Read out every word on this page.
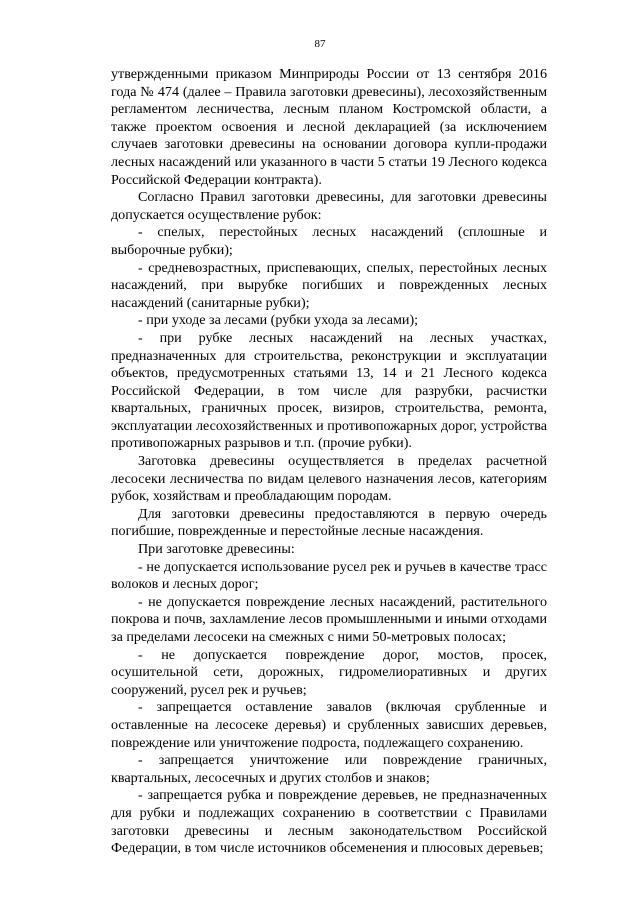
87

утвержденными приказом Минприроды России от 13 сентября 2016 года № 474 (далее – Правила заготовки древесины), лесохозяйственным регламентом лесничества, лесным планом Костромской области, а также проектом освоения и лесной декларацией (за исключением случаев заготовки древесины на основании договора купли-продажи лесных насаждений или указанного в части 5 статьи 19 Лесного кодекса Российской Федерации контракта).

Согласно Правил заготовки древесины, для заготовки древесины допускается осуществление рубок:

- спелых, перестойных лесных насаждений (сплошные и выборочные рубки);

- средневозрастных, приспевающих, спелых, перестойных лесных насаждений, при вырубке погибших и поврежденных лесных насаждений (санитарные рубки);

- при уходе за лесами (рубки ухода за лесами);

- при рубке лесных насаждений на лесных участках, предназначенных для строительства, реконструкции и эксплуатации объектов, предусмотренных статьями 13, 14 и 21 Лесного кодекса Российской Федерации, в том числе для разрубки, расчистки квартальных, граничных просек, визиров, строительства, ремонта, эксплуатации лесохозяйственных и противопожарных дорог, устройства противопожарных разрывов и т.п. (прочие рубки).

Заготовка древесины осуществляется в пределах расчетной лесосеки лесничества по видам целевого назначения лесов, категориям рубок, хозяйствам и преобладающим породам.

Для заготовки древесины предоставляются в первую очередь погибшие, поврежденные и перестойные лесные насаждения.

При заготовке древесины:

- не допускается использование русел рек и ручьев в качестве трасс волоков и лесных дорог;

- не допускается повреждение лесных насаждений, растительного покрова и почв, захламление лесов промышленными и иными отходами за пределами лесосеки на смежных с ними 50-метровых полосах;

- не допускается повреждение дорог, мостов, просек, осушительной сети, дорожных, гидромелиоративных и других сооружений, русел рек и ручьев;

- запрещается оставление завалов (включая срубленные и оставленные на лесосеке деревья) и срубленных зависших деревьев, повреждение или уничтожение подроста, подлежащего сохранению.

- запрещается уничтожение или повреждение граничных, квартальных, лесосечных и других столбов и знаков;

- запрещается рубка и повреждение деревьев, не предназначенных для рубки и подлежащих сохранению в соответствии с Правилами заготовки древесины и лесным законодательством Российской Федерации, в том числе источников обсеменения и плюсовых деревьев;
